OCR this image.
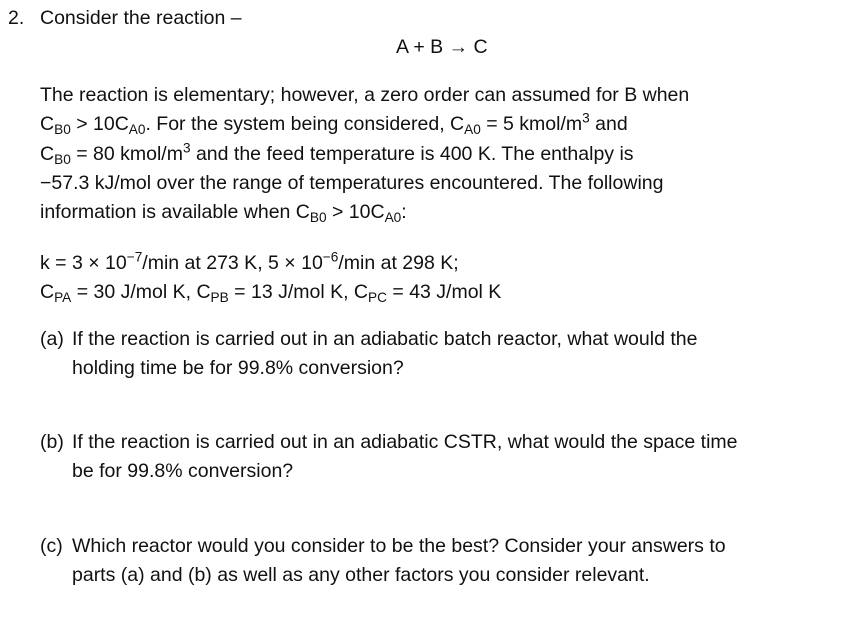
2. Consider the reaction –
A + B → C
The reaction is elementary; however, a zero order can assumed for B when
$C_{B0} > 10C_{A0}$. For the system being considered, $C_{A0} = 5$ kmol/$m^3$ and
$C_{B0} = 80$ kmol/$m^3$ and the feed temperature is 400 K. The enthalpy is
−57.3 kJ/mol over the range of temperatures encountered. The following
information is available when $C_{B0} > 10C_{A0}$:
$k = 3 \times 10^{-7}/\min$ at 273 K, $5 \times 10^{-6}/\min$ at 298 K;
$C_{PA} = 30$ J/mol K, $C_{PB} = 13$ J/mol K, $C_{PC} = 43$ J/mol K
(a) If the reaction is carried out in an adiabatic batch reactor, what would the
holding time be for 99.8% conversion?
(b) If the reaction is carried out in an adiabatic CSTR, what would the space time
be for 99.8% conversion?
(c) Which reactor would you consider to be the best? Consider your answers to
parts (a) and (b) as well as any other factors you consider relevant.
